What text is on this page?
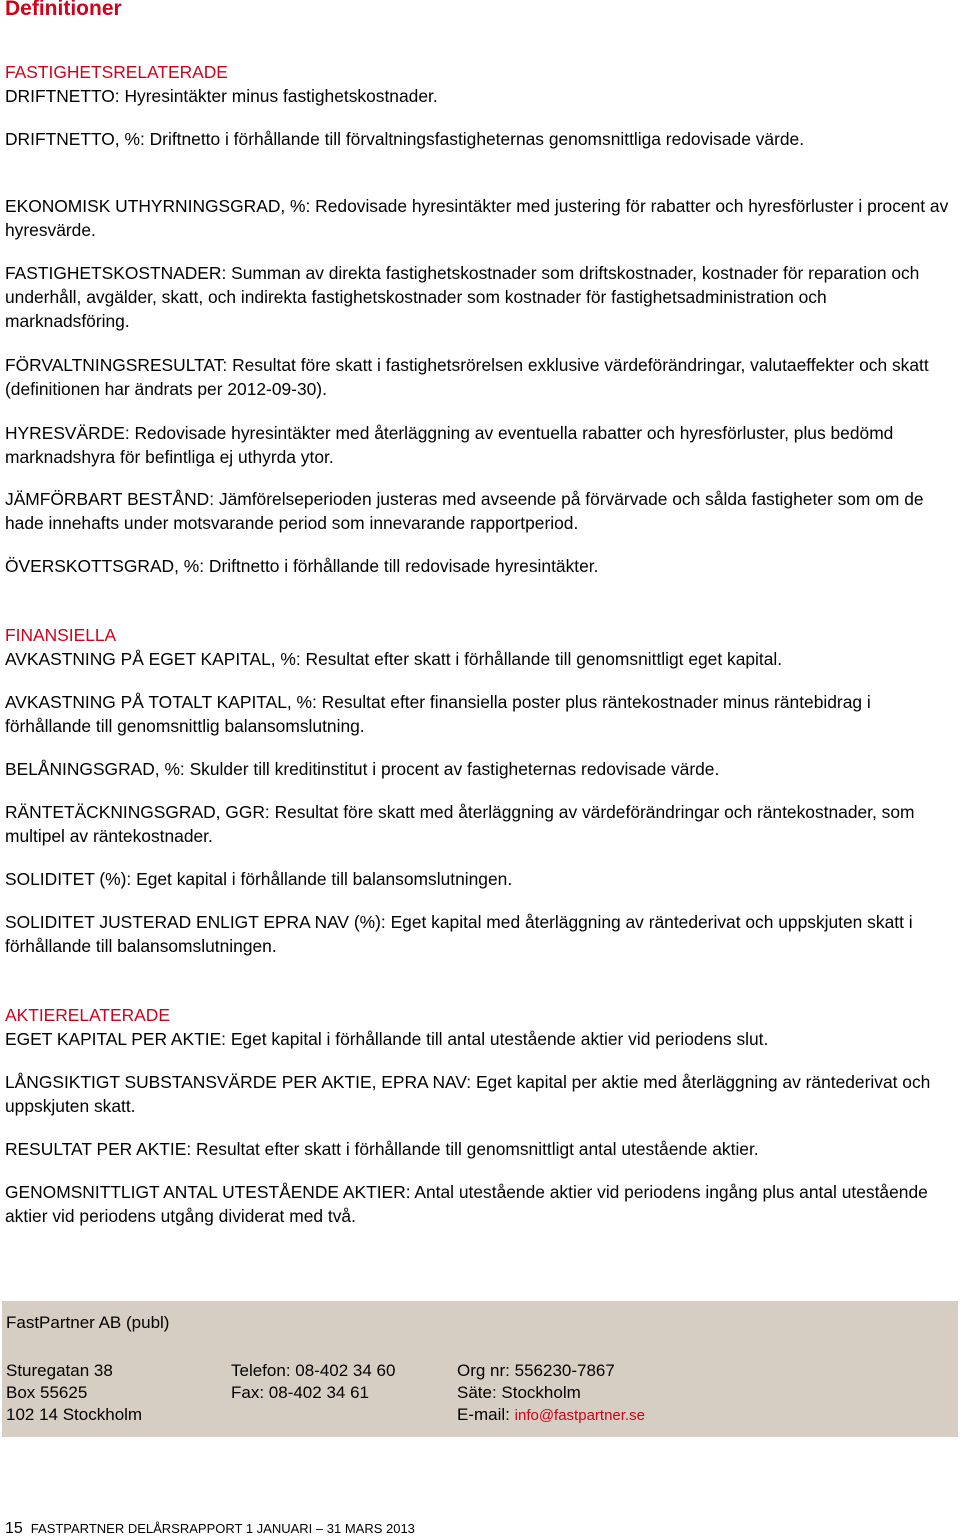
Definitioner
FASTIGHETSRELATERADE

DRIFTNETTO: Hyresintäkter minus fastighetskostnader.

DRIFTNETTO, %: Driftnetto i förhållande till förvaltningsfastigheternas genomsnittliga redovisade värde.

EKONOMISK UTHYRNINGSGRAD, %: Redovisade hyresintäkter med justering för rabatter och hyresförluster i procent av hyresvärde.

FASTIGHETSKOSTNADER: Summan av direkta fastighetskostnader som driftskostnader, kostnader för reparation och underhåll, avgälder, skatt, och indirekta fastighetskostnader som kostnader för fastighetsadministration och marknadsföring.

FÖRVALTNINGSRESULTAT: Resultat före skatt i fastighetsrörelsen exklusive värdeförändringar, valutaeffekter och skatt (definitionen har ändrats per 2012-09-30).

HYRESVÄRDE: Redovisade hyresintäkter med återläggning av eventuella rabatter och hyresförluster, plus bedömd marknadshyra för befintliga ej uthyrda ytor.

JÄMFÖRBART BESTÅND: Jämförelseperioden justeras med avseende på förvärvade och sålda fastigheter som om de hade innehafts under motsvarande period som innevarande rapportperiod.

ÖVERSKOTTSGRAD, %: Driftnetto i förhållande till redovisade hyresintäkter.

FINANSIELLA

AVKASTNING PÅ EGET KAPITAL, %: Resultat efter skatt i förhållande till genomsnittligt eget kapital.

AVKASTNING PÅ TOTALT KAPITAL, %: Resultat efter finansiella poster plus räntekostnader minus räntebidrag i förhållande till genomsnittlig balansomslutning.

BELÅNINGSGRAD, %: Skulder till kreditinstitut i procent av fastigheternas redovisade värde.

RÄNTETÄCKNINGSGRAD, GGR: Resultat före skatt med återläggning av värdeförändringar och räntekostnader, som multipel av räntekostnader.

SOLIDITET (%): Eget kapital i förhållande till balansomslutningen.

SOLIDITET JUSTERAD ENLIGT EPRA NAV (%): Eget kapital med återläggning av räntederivat och uppskjuten skatt i förhållande till balansomslutningen.

AKTIERELATERADE

EGET KAPITAL PER AKTIE: Eget kapital i förhållande till antal utestående aktier vid periodens slut.

LÅNGSIKTIGT SUBSTANSVÄRDE PER AKTIE, EPRA NAV: Eget kapital per aktie med återläggning av räntederivat och uppskjuten skatt.

RESULTAT PER AKTIE: Resultat efter skatt i förhållande till genomsnittligt antal utestående aktier.

GENOMSNITTLIGT ANTAL UTESTÅENDE AKTIER: Antal utestående aktier vid periodens ingång plus antal utestående aktier vid periodens utgång dividerat med två.

FastPartner AB (publ)
Sturegatan 38
Box 55625
102 14 Stockholm
Telefon: 08-402 34 60
Fax: 08-402 34 61
Org nr: 556230-7867
Säte: Stockholm
E-mail: info@fastpartner.se
15 FASTPARTNER DELÅRSRAPPORT 1 JANUARI – 31 MARS 2013
